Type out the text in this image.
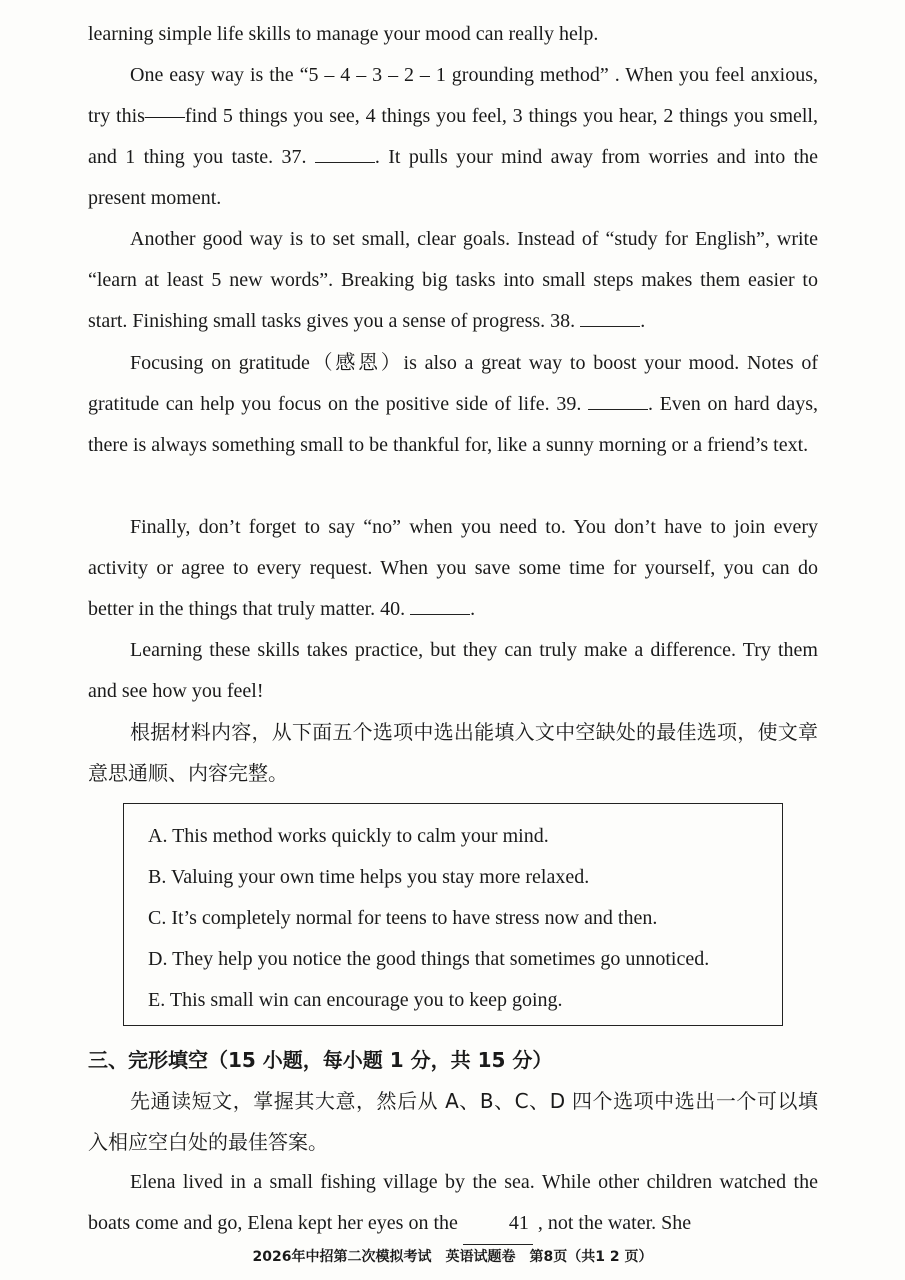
learning simple life skills to manage your mood can really help.

One easy way is the “5 – 4 – 3 – 2 – 1 grounding method” . When you feel anxious, try this——find 5 things you see, 4 things you feel, 3 things you hear, 2 things you smell, and 1 thing you taste. 37.	. It pulls your mind away from worries and into the present moment.

Another good way is to set small, clear goals. Instead of “study for English”, write “learn at least 5 new words”. Breaking big tasks into small steps makes them easier to start. Finishing small tasks gives you a sense of progress. 38.	.

Focusing on gratitude（感恩）is also a great way to boost your mood. Notes of gratitude can help you focus on the positive side of life. 39.	. Even on hard days, there is always something small to be thankful for, like a sunny morning or a friend’s text.

Finally, don’t forget to say “no” when you need to. You don’t have to join every activity or agree to every request. When you save some time for yourself, you can do better in the things that truly matter. 40.	.

Learning these skills takes practice, but they can truly make a difference. Try them and see how you feel!

根据材料内容，从下面五个选项中选出能填入文中空缺处的最佳选项，使文章意思通顺、内容完整。

A. This method works quickly to calm your mind.
B. Valuing your own time helps you stay more relaxed.
C. It’s completely normal for teens to have stress now and then.
D. They help you notice the good things that sometimes go unnoticed.
E. This small win can encourage you to keep going.
三、完形填空（15 小题，每小题 1 分，共 15 分）

先通读短文，掌握其大意，然后从 A、B、C、D 四个选项中选出一个可以填入相应空白处的最佳答案。

Elena lived in a small fishing village by the sea. While other children watched the boats come and go, Elena kept her eyes on the	41 , not the water. She

2026年中招第二次模拟考试　英语试题卷　第8页（共1 2 页）
